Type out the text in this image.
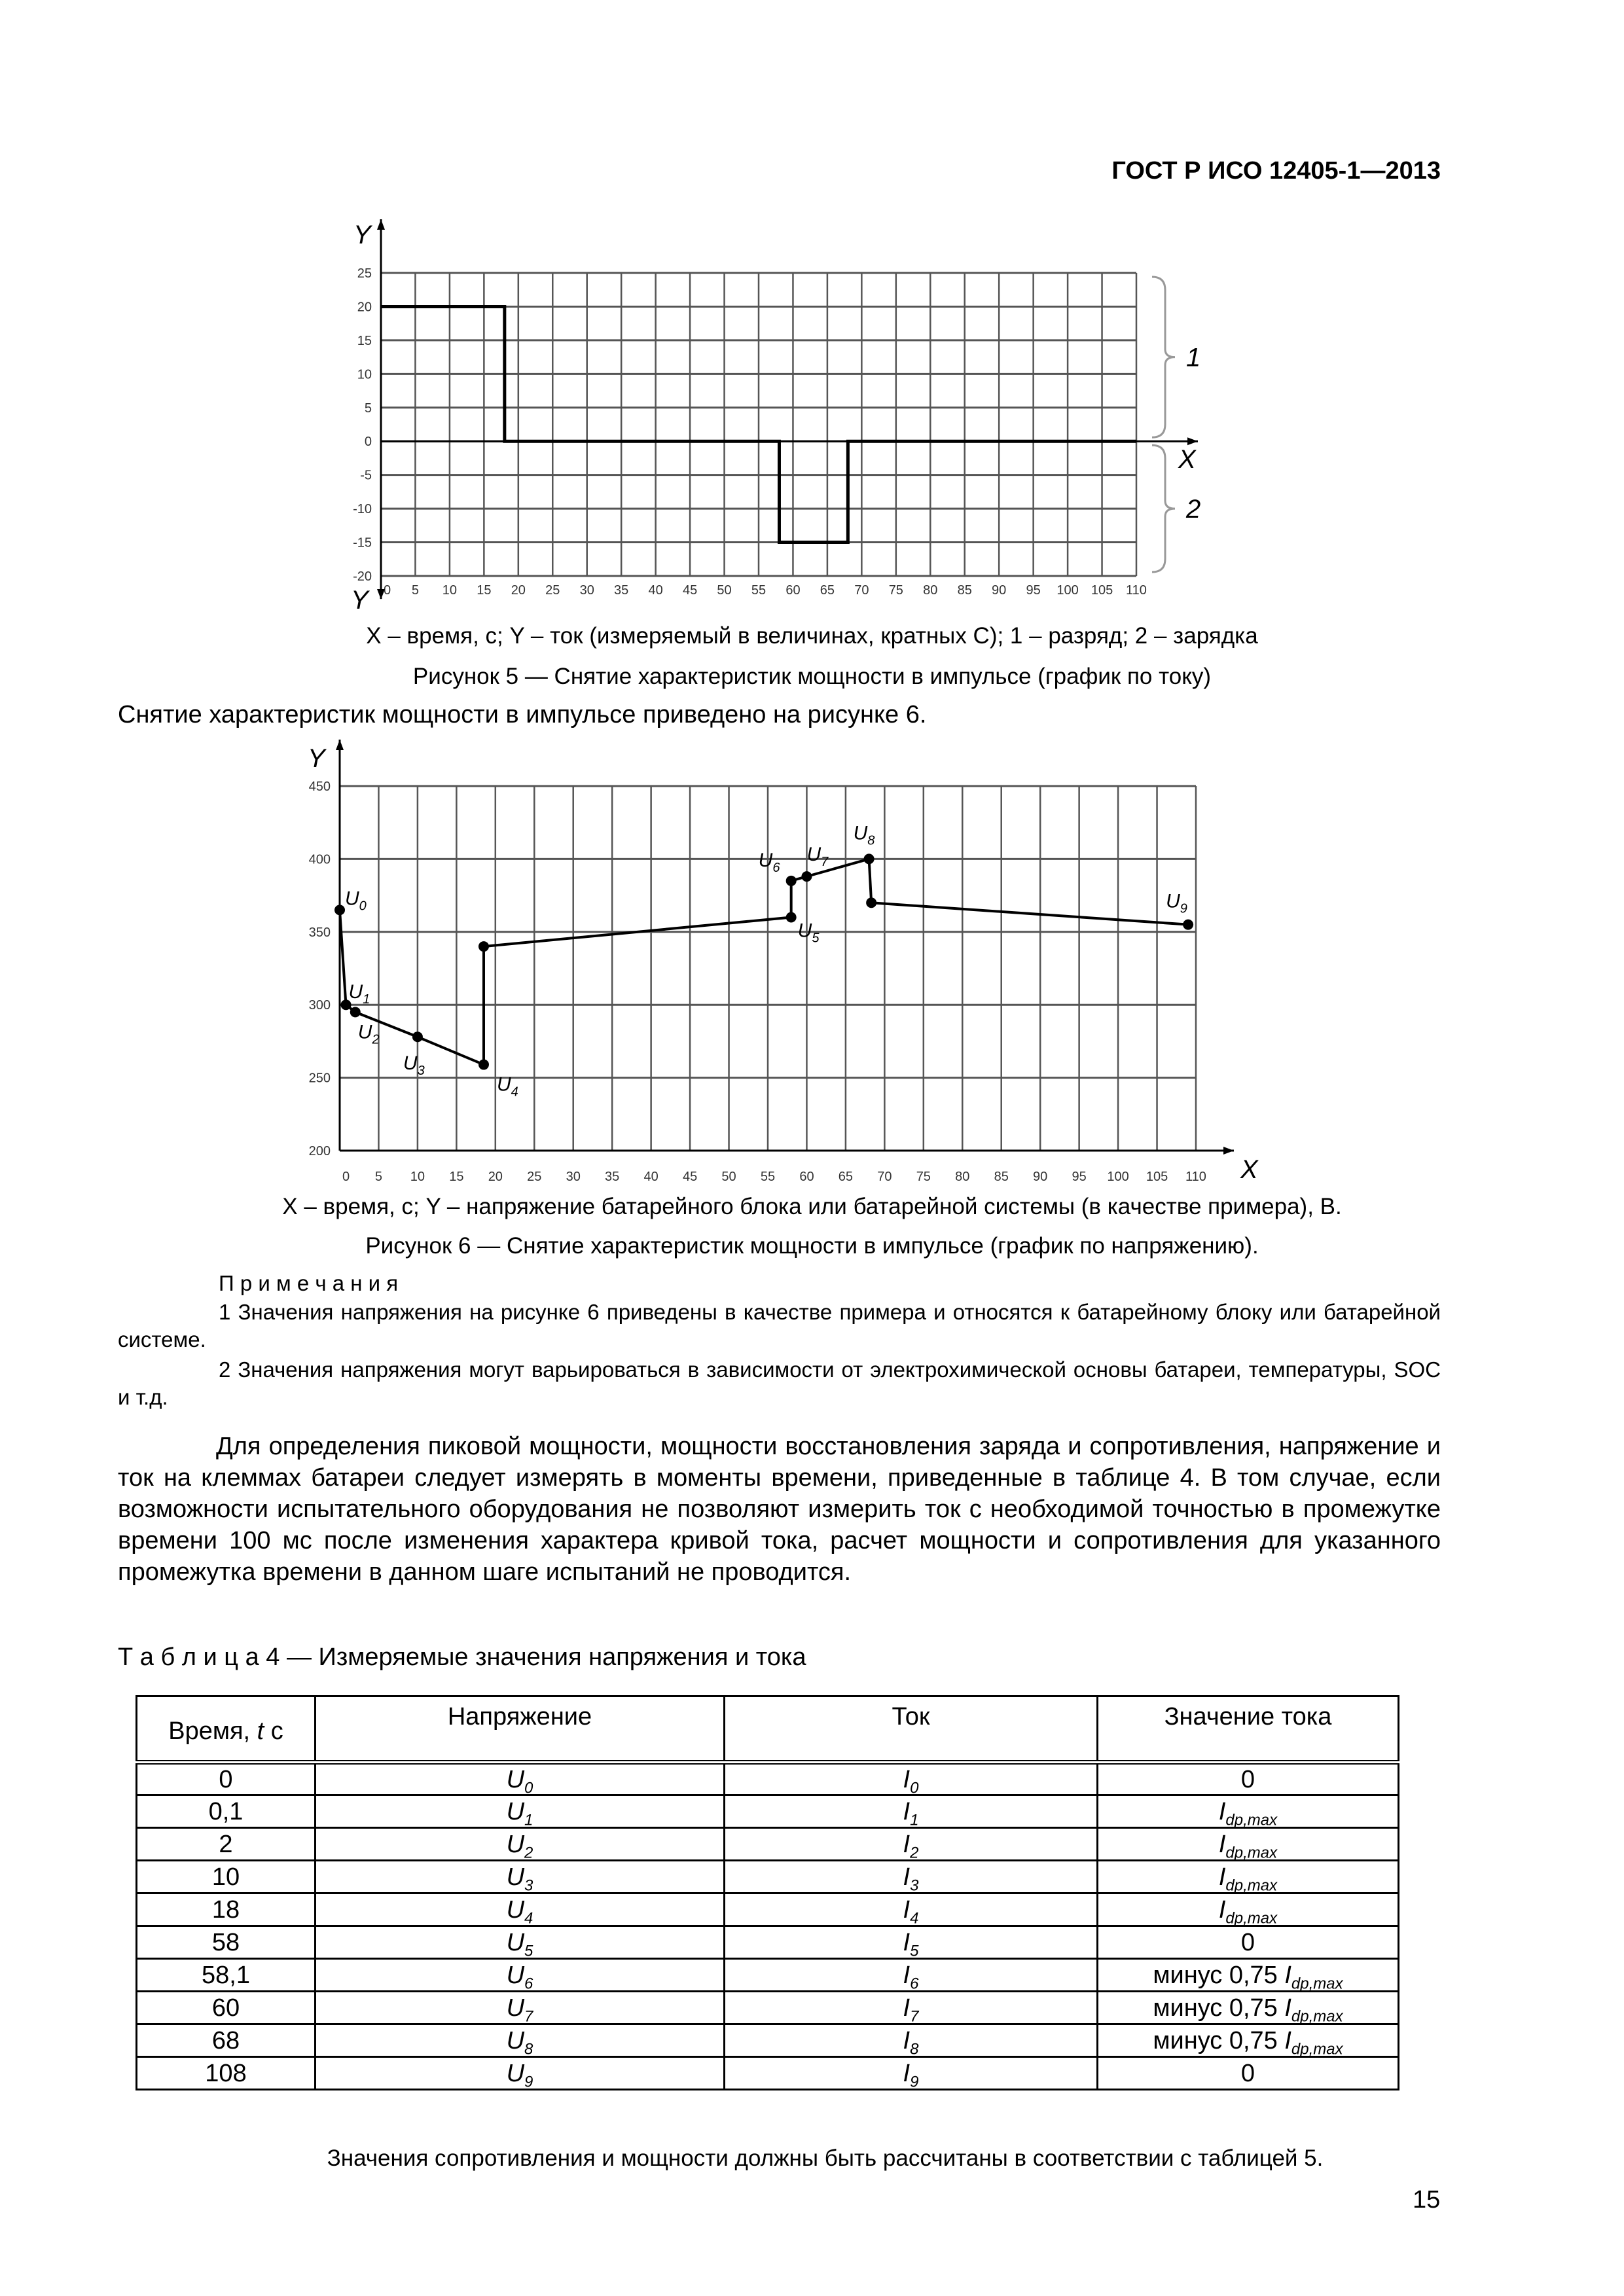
ГОСТ Р ИСО 12405-1—2013
0 5 10 15 20 25 30 35 40 45 50 55 60 65 70 75 80 85 90 95 100 105 110
25
20
15
10
5
0
-5
-10
-15
-20
Y
X
Y
1
2
X – время, с; Y – ток (измеряемый в величинах, кратных C); 1 – разряд; 2 – зарядка
Рисунок 5 — Снятие характеристик мощности в импульсе (график по току)
Снятие характеристик мощности в импульсе приведено на рисунке 6.
0 5 10 15 20 25 30 35 40 45 50 55 60 65 70 75 80 85 90 95 100 105 110
450
400
350
300
250
200
Y
X
$U_0$
$U_1$
$U_2$
$U_3$
$U_4$
$U_5$
$U_6$
$U_7$
$U_8$
$U_9$
X – время, с; Y – напряжение батарейного блока или батарейной системы (в качестве примера), В.
Рисунок 6 — Снятие характеристик мощности в импульсе (график по напряжению).
П р и м е ч а н и я
1 Значения напряжения на рисунке 6 приведены в качестве примера и относятся к батарейному блоку или батарейной системе.
2 Значения напряжения могут варьироваться в зависимости от электрохимической основы батареи, температуры, SOC и т.д.
Для определения пиковой мощности, мощности восстановления заряда и сопротивления, напряжение и ток на клеммах батареи следует измерять в моменты времени, приведенные в таблице 4. В том случае, если возможности испытательного оборудования не позволяют измерить ток с необходимой точностью в промежутке времени 100 мс после изменения характера кривой тока, расчет мощности и сопротивления для указанного промежутка времени в данном шаге испытаний не проводится.
Т а б л и ц а 4 — Измеряемые значения напряжения и тока
Время, t с	Напряжение	Ток	Значение тока
0	$U_0$	$I_0$	0
0,1	$U_1$	$I_1$	$I_{dp,max}$
2	$U_2$	$I_2$	$I_{dp,max}$
10	$U_3$	$I_3$	$I_{dp,max}$
18	$U_4$	$I_4$	$I_{dp,max}$
58	$U_5$	$I_5$	0
58,1	$U_6$	$I_6$	минус 0,75 $I_{dp,max}$
60	$U_7$	$I_7$	минус 0,75 $I_{dp,max}$
68	$U_8$	$I_8$	минус 0,75 $I_{dp,max}$
108	$U_9$	$I_9$	0
Значения сопротивления и мощности должны быть рассчитаны в соответствии с таблицей 5.
15
